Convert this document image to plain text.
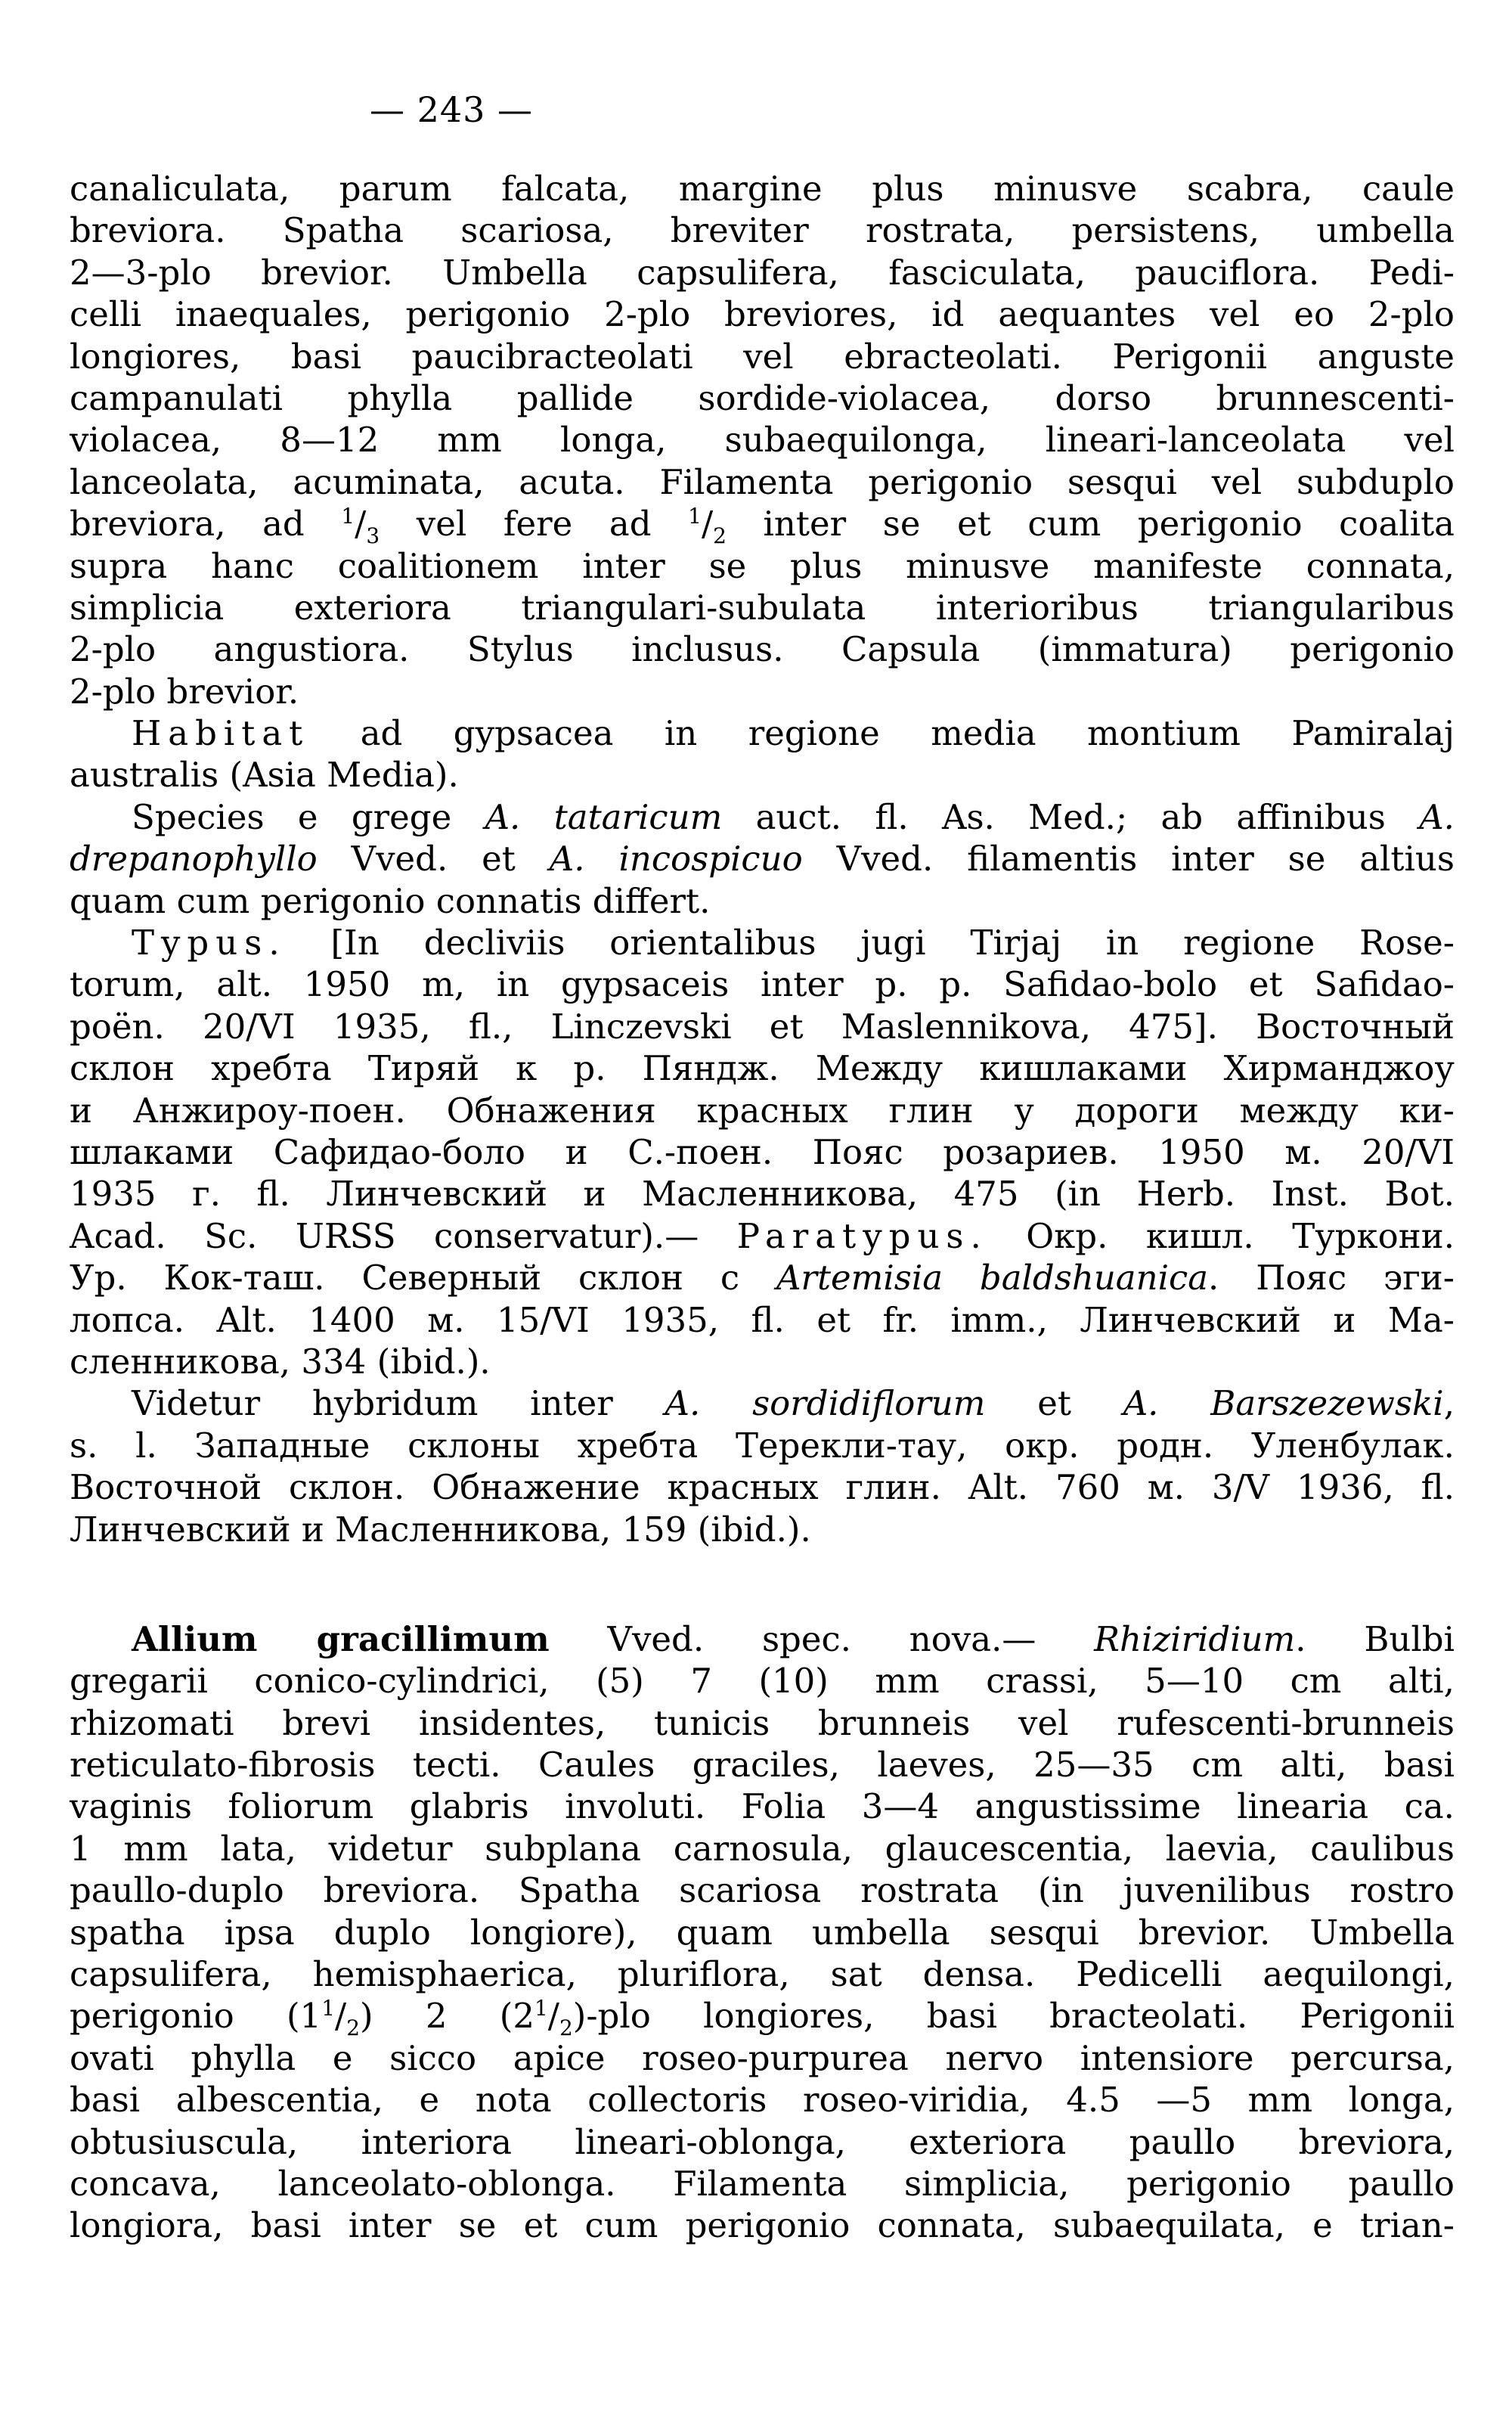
— 243 —
canaliculata, parum falcata, margine plus minusve scabra, caule
breviora. Spatha scariosa, breviter rostrata, persistens, umbella
2—3-plo brevior. Umbella capsulifera, fasciculata, pauciflora. Pedi-
celli inaequales, perigonio 2-plo breviores, id aequantes vel eo 2-plo
longiores, basi paucibracteolati vel ebracteolati. Perigonii anguste
campanulati phylla pallide sordide-violacea, dorso brunnescenti-
violacea, 8—12 mm longa, subaequilonga, lineari-lanceolata vel
lanceolata, acuminata, acuta. Filamenta perigonio sesqui vel subduplo
breviora, ad $^1/_3$ vel fere ad $^1/_2$ inter se et cum perigonio coalita
supra hanc coalitionem inter se plus minusve manifeste connata,
simplicia exteriora triangulari-subulata interioribus triangularibus
2-plo angustiora. Stylus inclusus. Capsula (immatura) perigonio
2-plo brevior.
Habitat ad gypsacea in regione media montium Pamiralaj
australis (Asia Media).
Species e grege A. tataricum auct. fl. As. Med.; ab affinibus A.
drepanophyllo Vved. et A. incospicuo Vved. filamentis inter se altius
quam cum perigonio connatis differt.
Typus. [In decliviis orientalibus jugi Tirjaj in regione Rose-
torum, alt. 1950 m, in gypsaceis inter p. p. Safidao-bolo et Safidao-
poën. 20/VI 1935, fl., Linczevski et Maslennikova, 475]. Восточный
склон хребта Тиряй к р. Пяндж. Между кишлаками Хирманджоу
и Анжироу-поен. Обнажения красных глин у дороги между ки-
шлаками Сафидао-боло и С.-поен. Пояс розариев. 1950 м. 20/VI
1935 г. fl. Линчевский и Масленникова, 475 (in Herb. Inst. Bot.
Acad. Sc. URSS conservatur).— Paratypus. Окр. кишл. Туркони.
Ур. Кок-таш. Северный склон с Artemisia baldshuanica. Пояс эги-
лопса. Alt. 1400 м. 15/VI 1935, fl. et fr. imm., Линчевский и Ма-
сленникова, 334 (ibid.).
Videtur hybridum inter A. sordidiflorum et A. Barszezewski,
s. l. Западные склоны хребта Терекли-тау, окр. родн. Уленбулак.
Восточной склон. Обнажение красных глин. Alt. 760 м. 3/V 1936, fl.
Линчевский и Масленникова, 159 (ibid.).
Allium gracillimum Vved. spec. nova.— Rhiziridium. Bulbi
gregarii conico-cylindrici, (5) 7 (10) mm crassi, 5—10 cm alti,
rhizomati brevi insidentes, tunicis brunneis vel rufescenti-brunneis
reticulato-fibrosis tecti. Caules graciles, laeves, 25—35 cm alti, basi
vaginis foliorum glabris involuti. Folia 3—4 angustissime linearia ca.
1 mm lata, videtur subplana carnosula, glaucescentia, laevia, caulibus
paullo-duplo breviora. Spatha scariosa rostrata (in juvenilibus rostro
spatha ipsa duplo longiore), quam umbella sesqui brevior. Umbella
capsulifera, hemisphaerica, pluriflora, sat densa. Pedicelli aequilongi,
perigonio $(1^1/_2)$ 2 $(2^1/_2)$-plo longiores, basi bracteolati. Perigonii
ovati phylla e sicco apice roseo-purpurea nervo intensiore percursa,
basi albescentia, e nota collectoris roseo-viridia, 4.5 —5 mm longa,
obtusiuscula, interiora lineari-oblonga, exteriora paullo breviora,
concava, lanceolato-oblonga. Filamenta simplicia, perigonio paullo
longiora, basi inter se et cum perigonio connata, subaequilata, e trian-
